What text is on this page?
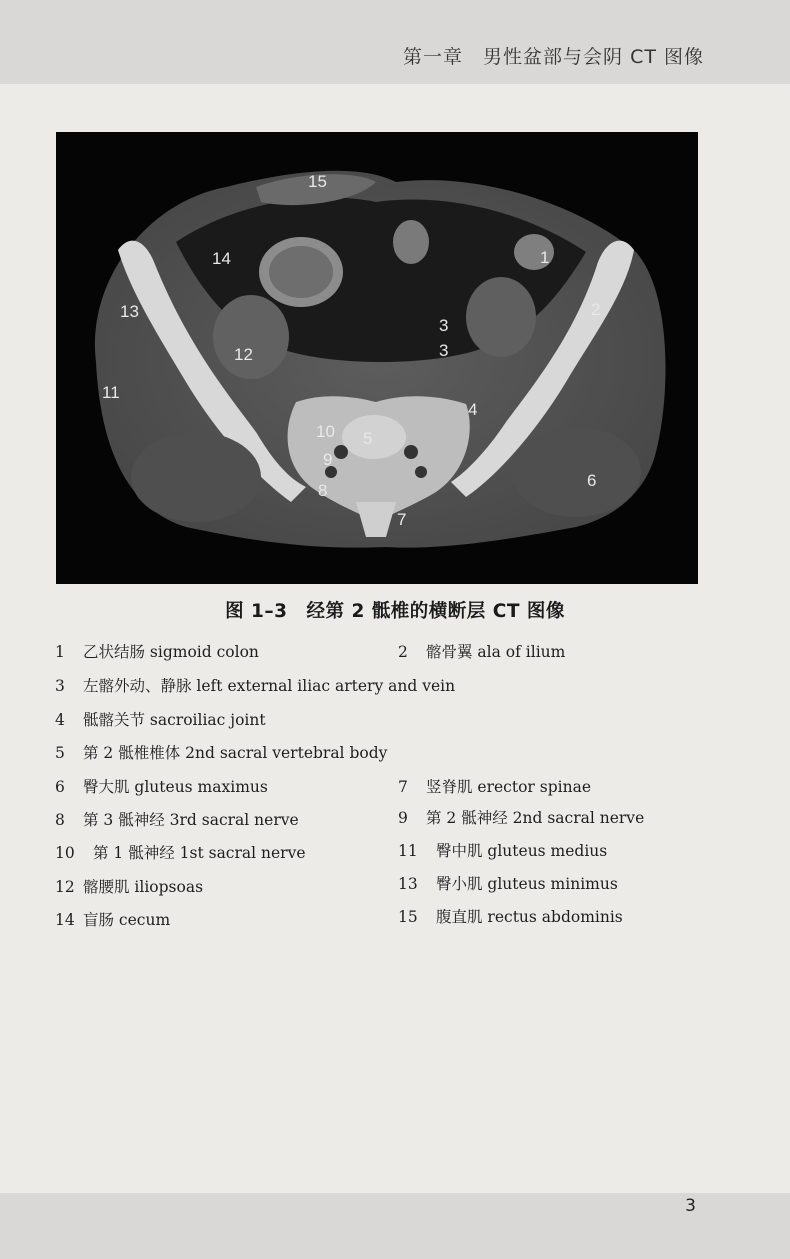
第一章　男性盆部与会阴 CT 图像
15
14	1
13	2
3
3
12
11
4
10 5
9
6
8
7
图 1–3　经第 2 骶椎的横断层 CT 图像
1 乙状结肠 sigmoid colon	2 髂骨翼 ala of ilium
3 左髂外动、静脉 left external iliac artery and vein
4 骶髂关节 sacroiliac joint
5 第 2 骶椎椎体 2nd sacral vertebral body
6 臀大肌 gluteus maximus	7 竖脊肌 erector spinae
8 第 3 骶神经 3rd sacral nerve	9 第 2 骶神经 2nd sacral nerve
10 第 1 骶神经 1st sacral nerve	11 臀中肌 gluteus medius
12 髂腰肌 iliopsoas	13 臀小肌 gluteus minimus
14 盲肠 cecum	15 腹直肌 rectus abdominis
3
